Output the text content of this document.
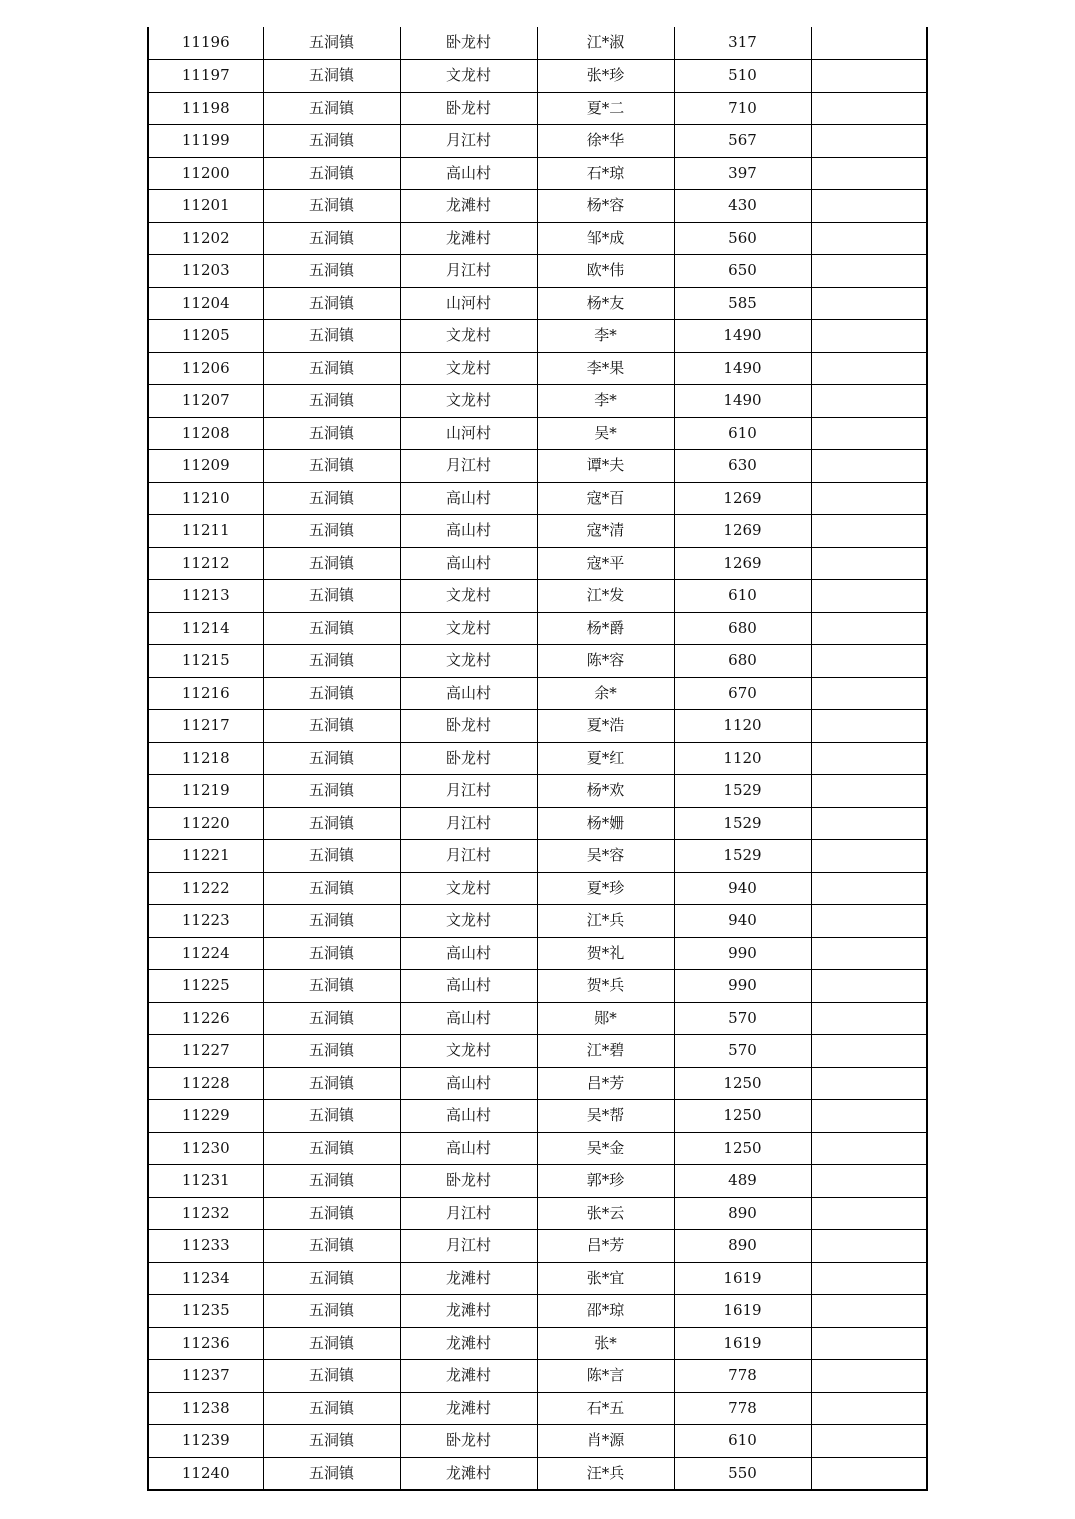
11196	五洞镇	卧龙村	江*淑	317	
11197	五洞镇	文龙村	张*珍	510	
11198	五洞镇	卧龙村	夏*二	710	
11199	五洞镇	月江村	徐*华	567	
11200	五洞镇	高山村	石*琼	397	
11201	五洞镇	龙滩村	杨*容	430	
11202	五洞镇	龙滩村	邹*成	560	
11203	五洞镇	月江村	欧*伟	650	
11204	五洞镇	山河村	杨*友	585	
11205	五洞镇	文龙村	李*	1490	
11206	五洞镇	文龙村	李*果	1490	
11207	五洞镇	文龙村	李*	1490	
11208	五洞镇	山河村	吴*	610	
11209	五洞镇	月江村	谭*夫	630	
11210	五洞镇	高山村	寇*百	1269	
11211	五洞镇	高山村	寇*清	1269	
11212	五洞镇	高山村	寇*平	1269	
11213	五洞镇	文龙村	江*发	610	
11214	五洞镇	文龙村	杨*爵	680	
11215	五洞镇	文龙村	陈*容	680	
11216	五洞镇	高山村	余*	670	
11217	五洞镇	卧龙村	夏*浩	1120	
11218	五洞镇	卧龙村	夏*红	1120	
11219	五洞镇	月江村	杨*欢	1529	
11220	五洞镇	月江村	杨*姗	1529	
11221	五洞镇	月江村	吴*容	1529	
11222	五洞镇	文龙村	夏*珍	940	
11223	五洞镇	文龙村	江*兵	940	
11224	五洞镇	高山村	贺*礼	990	
11225	五洞镇	高山村	贺*兵	990	
11226	五洞镇	高山村	郧*	570	
11227	五洞镇	文龙村	江*碧	570	
11228	五洞镇	高山村	吕*芳	1250	
11229	五洞镇	高山村	吴*帮	1250	
11230	五洞镇	高山村	吴*金	1250	
11231	五洞镇	卧龙村	郭*珍	489	
11232	五洞镇	月江村	张*云	890	
11233	五洞镇	月江村	吕*芳	890	
11234	五洞镇	龙滩村	张*宜	1619	
11235	五洞镇	龙滩村	邵*琼	1619	
11236	五洞镇	龙滩村	张*	1619	
11237	五洞镇	龙滩村	陈*言	778	
11238	五洞镇	龙滩村	石*五	778	
11239	五洞镇	卧龙村	肖*源	610	
11240	五洞镇	龙滩村	汪*兵	550	
